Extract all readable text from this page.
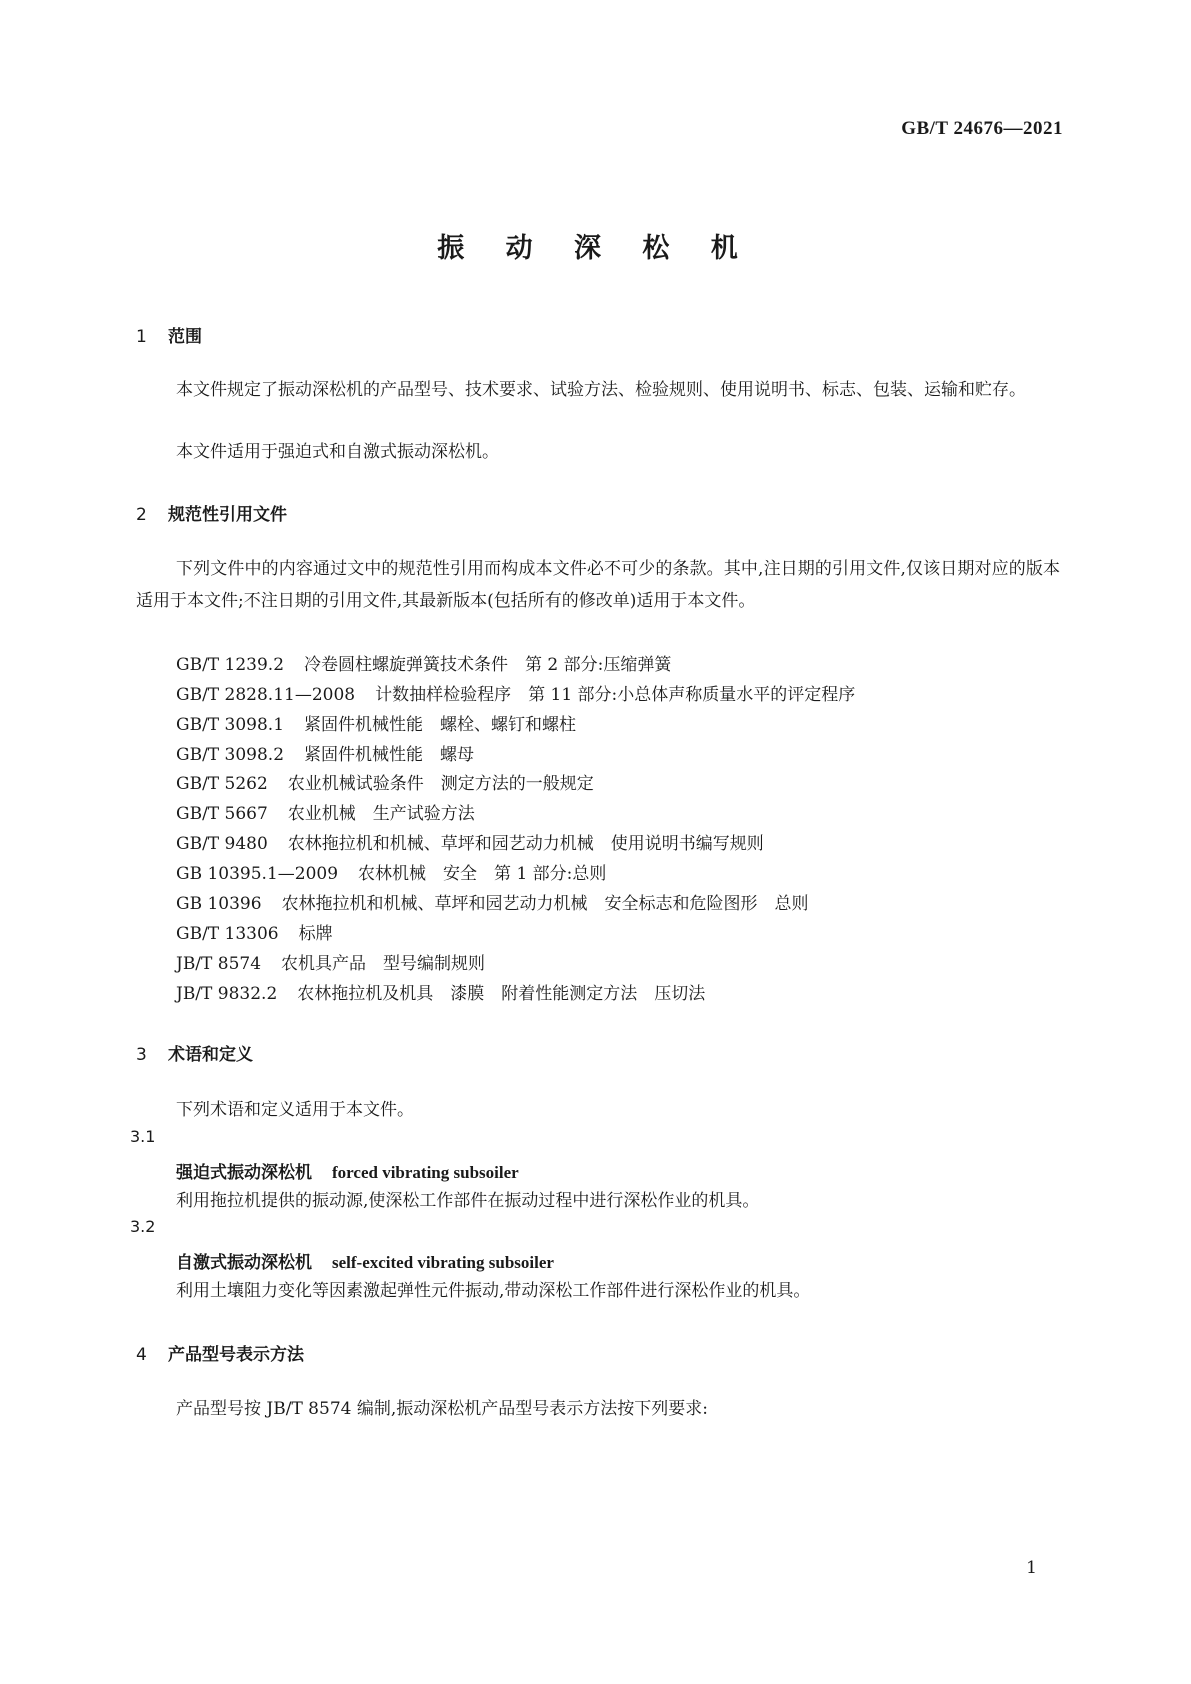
GB/T 24676—2021
振 动 深 松 机
1 范围
本文件规定了振动深松机的产品型号、技术要求、试验方法、检验规则、使用说明书、标志、包装、运输和贮存。
本文件适用于强迫式和自激式振动深松机。
2 规范性引用文件
下列文件中的内容通过文中的规范性引用而构成本文件必不可少的条款。其中,注日期的引用文件,仅该日期对应的版本适用于本文件;不注日期的引用文件,其最新版本(包括所有的修改单)适用于本文件。
GB/T 1239.2 冷卷圆柱螺旋弹簧技术条件　第 2 部分:压缩弹簧
GB/T 2828.11—2008 计数抽样检验程序　第 11 部分:小总体声称质量水平的评定程序
GB/T 3098.1 紧固件机械性能　螺栓、螺钉和螺柱
GB/T 3098.2 紧固件机械性能　螺母
GB/T 5262 农业机械试验条件　测定方法的一般规定
GB/T 5667 农业机械　生产试验方法
GB/T 9480 农林拖拉机和机械、草坪和园艺动力机械　使用说明书编写规则
GB 10395.1—2009 农林机械　安全　第 1 部分:总则
GB 10396 农林拖拉机和机械、草坪和园艺动力机械　安全标志和危险图形　总则
GB/T 13306 标牌
JB/T 8574 农机具产品　型号编制规则
JB/T 9832.2 农林拖拉机及机具　漆膜　附着性能测定方法　压切法
3 术语和定义
下列术语和定义适用于本文件。
3.1
强迫式振动深松机 forced vibrating subsoiler
利用拖拉机提供的振动源,使深松工作部件在振动过程中进行深松作业的机具。
3.2
自激式振动深松机 self-excited vibrating subsoiler
利用土壤阻力变化等因素激起弹性元件振动,带动深松工作部件进行深松作业的机具。
4 产品型号表示方法
产品型号按 JB/T 8574 编制,振动深松机产品型号表示方法按下列要求:
1
